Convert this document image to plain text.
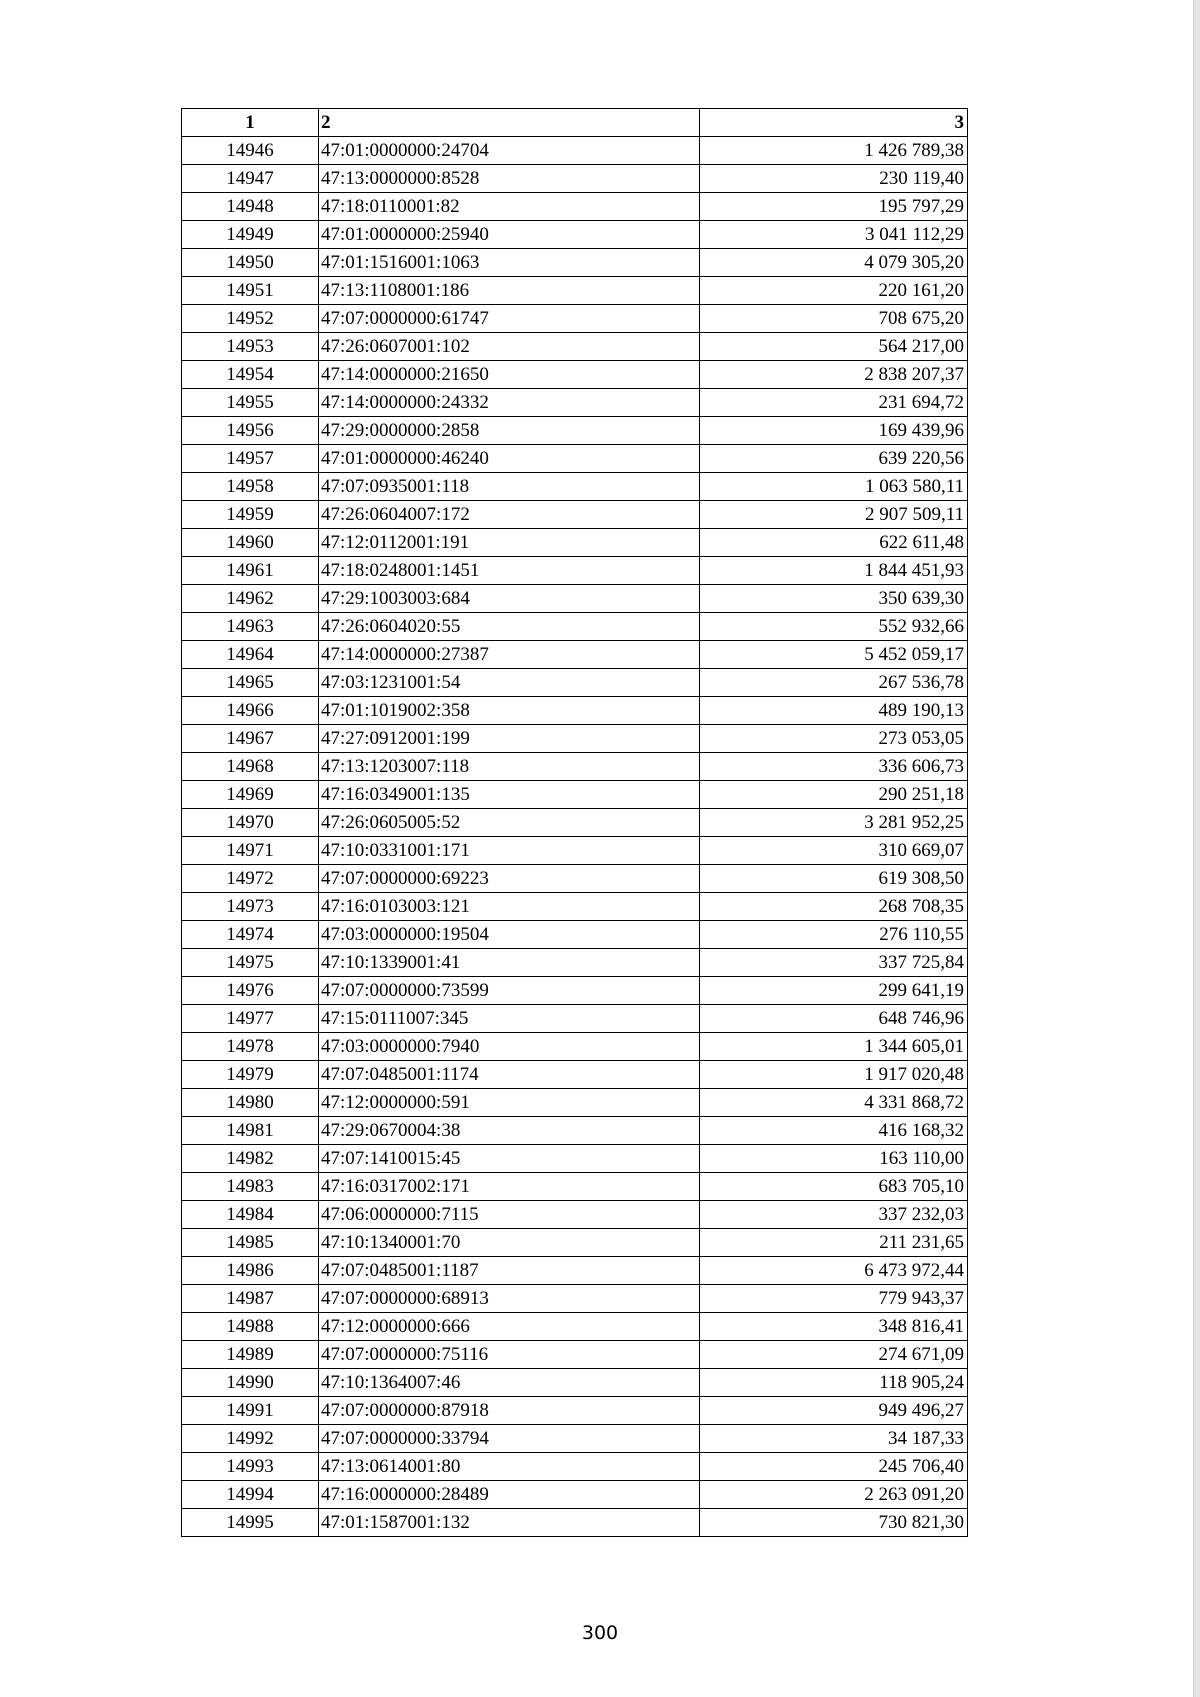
1	2	3
14946	47:01:0000000:24704	1 426 789,38
14947	47:13:0000000:8528	230 119,40
14948	47:18:0110001:82	195 797,29
14949	47:01:0000000:25940	3 041 112,29
14950	47:01:1516001:1063	4 079 305,20
14951	47:13:1108001:186	220 161,20
14952	47:07:0000000:61747	708 675,20
14953	47:26:0607001:102	564 217,00
14954	47:14:0000000:21650	2 838 207,37
14955	47:14:0000000:24332	231 694,72
14956	47:29:0000000:2858	169 439,96
14957	47:01:0000000:46240	639 220,56
14958	47:07:0935001:118	1 063 580,11
14959	47:26:0604007:172	2 907 509,11
14960	47:12:0112001:191	622 611,48
14961	47:18:0248001:1451	1 844 451,93
14962	47:29:1003003:684	350 639,30
14963	47:26:0604020:55	552 932,66
14964	47:14:0000000:27387	5 452 059,17
14965	47:03:1231001:54	267 536,78
14966	47:01:1019002:358	489 190,13
14967	47:27:0912001:199	273 053,05
14968	47:13:1203007:118	336 606,73
14969	47:16:0349001:135	290 251,18
14970	47:26:0605005:52	3 281 952,25
14971	47:10:0331001:171	310 669,07
14972	47:07:0000000:69223	619 308,50
14973	47:16:0103003:121	268 708,35
14974	47:03:0000000:19504	276 110,55
14975	47:10:1339001:41	337 725,84
14976	47:07:0000000:73599	299 641,19
14977	47:15:0111007:345	648 746,96
14978	47:03:0000000:7940	1 344 605,01
14979	47:07:0485001:1174	1 917 020,48
14980	47:12:0000000:591	4 331 868,72
14981	47:29:0670004:38	416 168,32
14982	47:07:1410015:45	163 110,00
14983	47:16:0317002:171	683 705,10
14984	47:06:0000000:7115	337 232,03
14985	47:10:1340001:70	211 231,65
14986	47:07:0485001:1187	6 473 972,44
14987	47:07:0000000:68913	779 943,37
14988	47:12:0000000:666	348 816,41
14989	47:07:0000000:75116	274 671,09
14990	47:10:1364007:46	118 905,24
14991	47:07:0000000:87918	949 496,27
14992	47:07:0000000:33794	34 187,33
14993	47:13:0614001:80	245 706,40
14994	47:16:0000000:28489	2 263 091,20
14995	47:01:1587001:132	730 821,30
300
